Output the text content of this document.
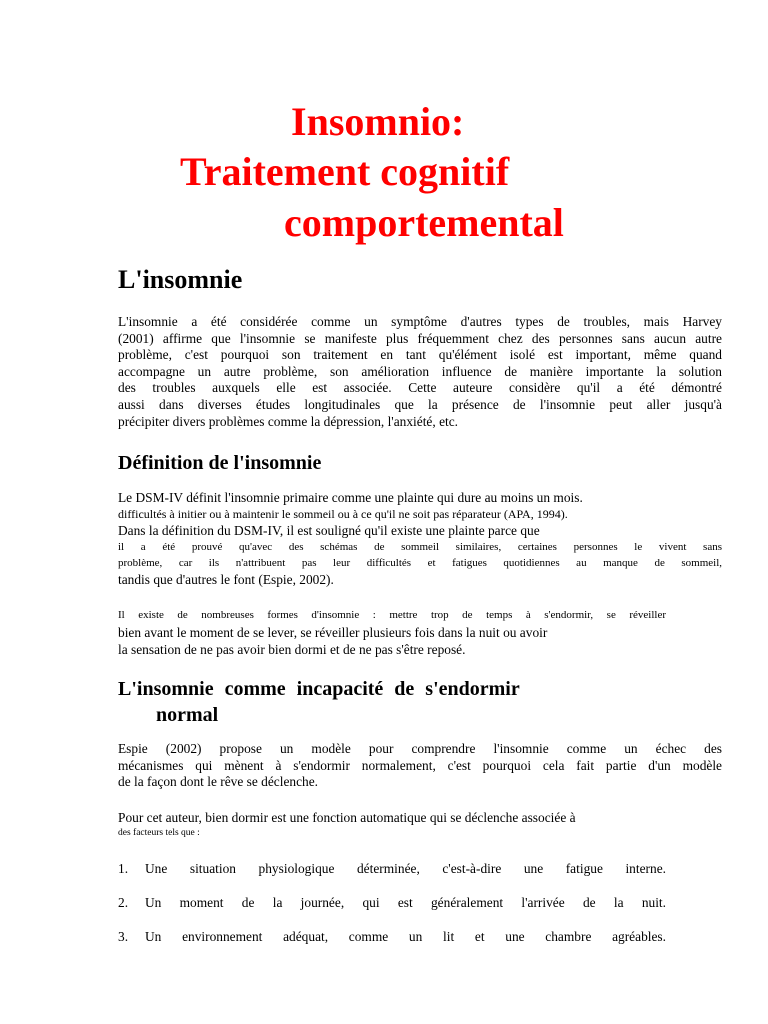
Insomnio:
Traitement cognitif
comportemental
L'insomnie
L'insomnie a été considérée comme un symptôme d'autres types de troubles, mais Harvey
(2001) affirme que l'insomnie se manifeste plus fréquemment chez des personnes sans aucun autre
problème, c'est pourquoi son traitement en tant qu'élément isolé est important, même quand
accompagne un autre problème, son amélioration influence de manière importante la solution
des troubles auxquels elle est associée. Cette auteure considère qu'il a été démontré
aussi dans diverses études longitudinales que la présence de l'insomnie peut aller jusqu'à
précipiter divers problèmes comme la dépression, l'anxiété, etc.
Définition de l'insomnie
Le DSM-IV définit l'insomnie primaire comme une plainte qui dure au moins un mois.
difficultés à initier ou à maintenir le sommeil ou à ce qu'il ne soit pas réparateur (APA, 1994).
Dans la définition du DSM-IV, il est souligné qu'il existe une plainte parce que
il a été prouvé qu'avec des schémas de sommeil similaires, certaines personnes le vivent sans
problème, car ils n'attribuent pas leur difficultés et fatigues quotidiennes au manque de sommeil,
tandis que d'autres le font (Espie, 2002).
Il existe de nombreuses formes d'insomnie : mettre trop de temps à s'endormir, se réveiller
bien avant le moment de se lever, se réveiller plusieurs fois dans la nuit ou avoir
la sensation de ne pas avoir bien dormi et de ne pas s'être reposé.
L'insomnie comme incapacité de s'endormir
normal
Espie (2002) propose un modèle pour comprendre l'insomnie comme un échec des
mécanismes qui mènent à s'endormir normalement, c'est pourquoi cela fait partie d'un modèle
de la façon dont le rêve se déclenche.
Pour cet auteur, bien dormir est une fonction automatique qui se déclenche associée à
des facteurs tels que :
1. Une situation physiologique déterminée, c'est-à-dire une fatigue interne.
2. Un moment de la journée, qui est généralement l'arrivée de la nuit.
3. Un environnement adéquat, comme un lit et une chambre agréables.
